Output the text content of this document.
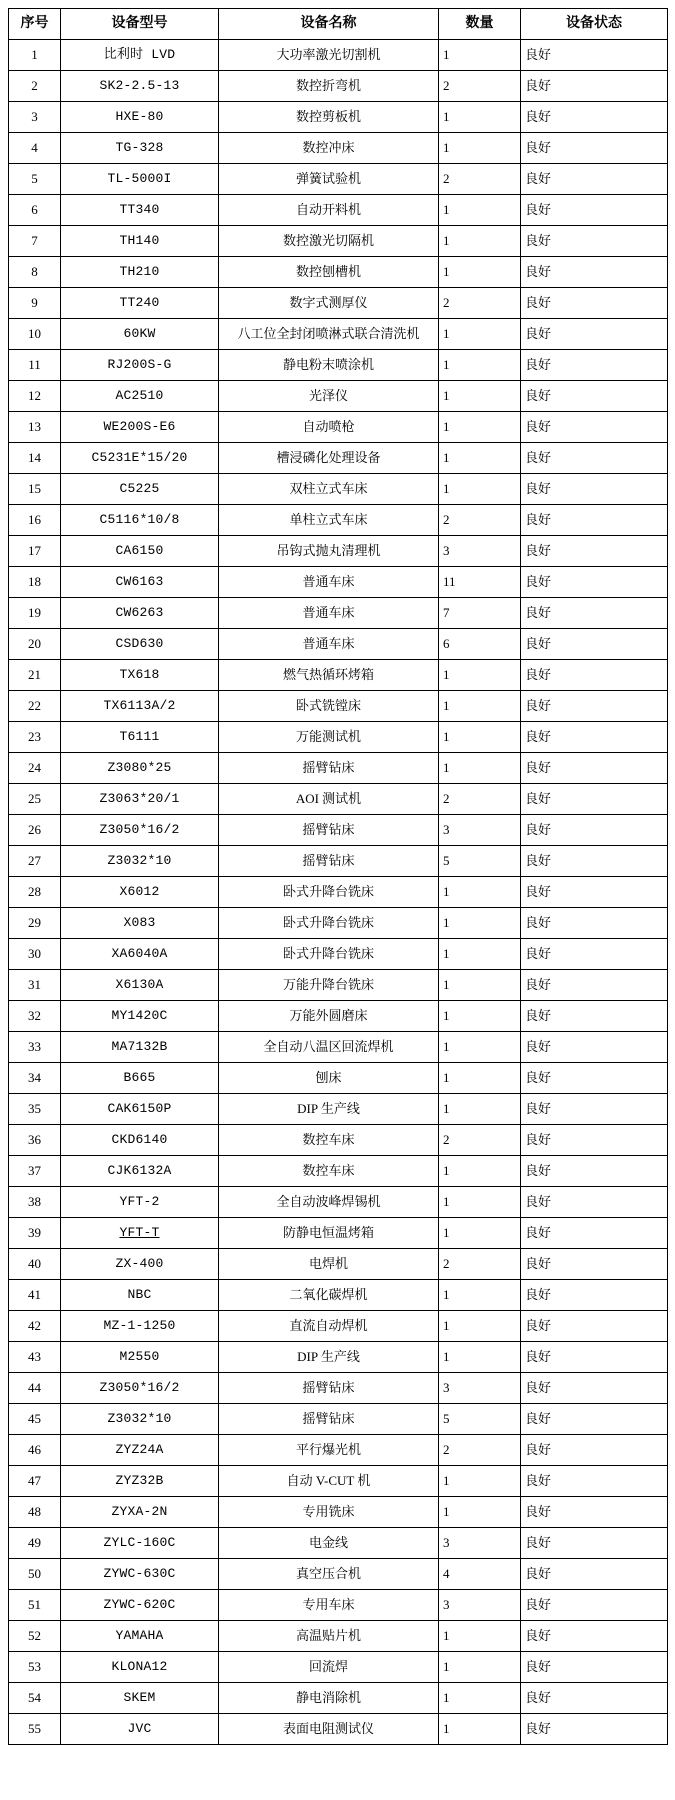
序号	设备型号	设备名称	数量	设备状态
1	比利时 LVD	大功率激光切割机	1	良好
2	SK2-2.5-13	数控折弯机	2	良好
3	HXE-80	数控剪板机	1	良好
4	TG-328	数控冲床	1	良好
5	TL-5000I	弹簧试验机	2	良好
6	TT340	自动开料机	1	良好
7	TH140	数控激光切隔机	1	良好
8	TH210	数控刨槽机	1	良好
9	TT240	数字式测厚仪	2	良好
10	60KW	八工位全封闭喷淋式联合清洗机	1	良好
11	RJ200S-G	静电粉末喷涂机	1	良好
12	AC2510	光泽仪	1	良好
13	WE200S-E6	自动喷枪	1	良好
14	C5231E*15/20	槽浸磷化处理设备	1	良好
15	C5225	双柱立式车床	1	良好
16	C5116*10/8	单柱立式车床	2	良好
17	CA6150	吊钩式抛丸清理机	3	良好
18	CW6163	普通车床	11	良好
19	CW6263	普通车床	7	良好
20	CSD630	普通车床	6	良好
21	TX618	燃气热循环烤箱	1	良好
22	TX6113A/2	卧式铣镗床	1	良好
23	T6111	万能测试机	1	良好
24	Z3080*25	摇臂钻床	1	良好
25	Z3063*20/1	AOI 测试机	2	良好
26	Z3050*16/2	摇臂钻床	3	良好
27	Z3032*10	摇臂钻床	5	良好
28	X6012	卧式升降台铣床	1	良好
29	X083	卧式升降台铣床	1	良好
30	XA6040A	卧式升降台铣床	1	良好
31	X6130A	万能升降台铣床	1	良好
32	MY1420C	万能外圆磨床	1	良好
33	MA7132B	全自动八温区回流焊机	1	良好
34	B665	刨床	1	良好
35	CAK6150P	DIP 生产线	1	良好
36	CKD6140	数控车床	2	良好
37	CJK6132A	数控车床	1	良好
38	YFT-2	全自动波峰焊锡机	1	良好
39	YFT-T	防静电恒温烤箱	1	良好
40	ZX-400	电焊机	2	良好
41	NBC	二氧化碳焊机	1	良好
42	MZ-1-1250	直流自动焊机	1	良好
43	M2550	DIP 生产线	1	良好
44	Z3050*16/2	摇臂钻床	3	良好
45	Z3032*10	摇臂钻床	5	良好
46	ZYZ24A	平行爆光机	2	良好
47	ZYZ32B	自动 V-CUT 机	1	良好
48	ZYXA-2N	专用铣床	1	良好
49	ZYLC-160C	电金线	3	良好
50	ZYWC-630C	真空压合机	4	良好
51	ZYWC-620C	专用车床	3	良好
52	YAMAHA	高温贴片机	1	良好
53	KLONA12	回流焊	1	良好
54	SKEM	静电消除机	1	良好
55	JVC	表面电阻测试仪	1	良好
